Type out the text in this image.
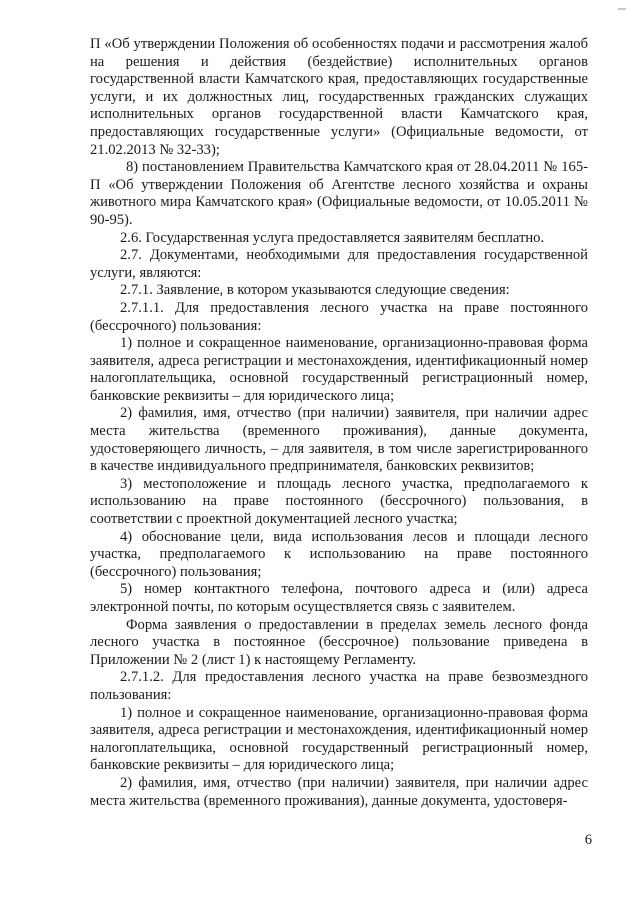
П «Об утверждении Положения об особенностях подачи и рассмотрения жалоб на решения и действия (бездействие) исполнительных органов государственной власти Камчатского края, предоставляющих государственные услуги, и их должностных лиц, государственных гражданских служащих исполнительных органов государственной власти Камчатского края, предоставляющих государственные услуги» (Официальные ведомости, от 21.02.2013 № 32-33);

8) постановлением Правительства Камчатского края от 28.04.2011 № 165-П «Об утверждении Положения об Агентстве лесного хозяйства и охраны животного мира Камчатского края» (Официальные ведомости, от 10.05.2011 № 90-95).

2.6. Государственная услуга предоставляется заявителям бесплатно.

2.7. Документами, необходимыми для предоставления государственной услуги, являются:

2.7.1. Заявление, в котором указываются следующие сведения:

2.7.1.1. Для предоставления лесного участка на праве постоянного (бессрочного) пользования:

1) полное и сокращенное наименование, организационно-правовая форма заявителя, адреса регистрации и местонахождения, идентификационный номер налогоплательщика, основной государственный регистрационный номер, банковские реквизиты – для юридического лица;

2) фамилия, имя, отчество (при наличии) заявителя, при наличии адрес места жительства (временного проживания), данные документа, удостоверяющего личность, – для заявителя, в том числе зарегистрированного в качестве индивидуального предпринимателя, банковских реквизитов;

3) местоположение и площадь лесного участка, предполагаемого к использованию на праве постоянного (бессрочного) пользования, в соответствии с проектной документацией лесного участка;

4) обоснование цели, вида использования лесов и площади лесного участка, предполагаемого к использованию на праве постоянного (бессрочного) пользования;

5) номер контактного телефона, почтового адреса и (или) адреса электронной почты, по которым осуществляется связь с заявителем.

Форма заявления о предоставлении в пределах земель лесного фонда лесного участка в постоянное (бессрочное) пользование приведена в Приложении № 2 (лист 1) к настоящему Регламенту.

2.7.1.2. Для предоставления лесного участка на праве безвозмездного пользования:

1) полное и сокращенное наименование, организационно-правовая форма заявителя, адреса регистрации и местонахождения, идентификационный номер налогоплательщика, основной государственный регистрационный номер, банковские реквизиты – для юридического лица;

2) фамилия, имя, отчество (при наличии) заявителя, при наличии адрес места жительства (временного проживания), данные документа, удостоверя-

6
